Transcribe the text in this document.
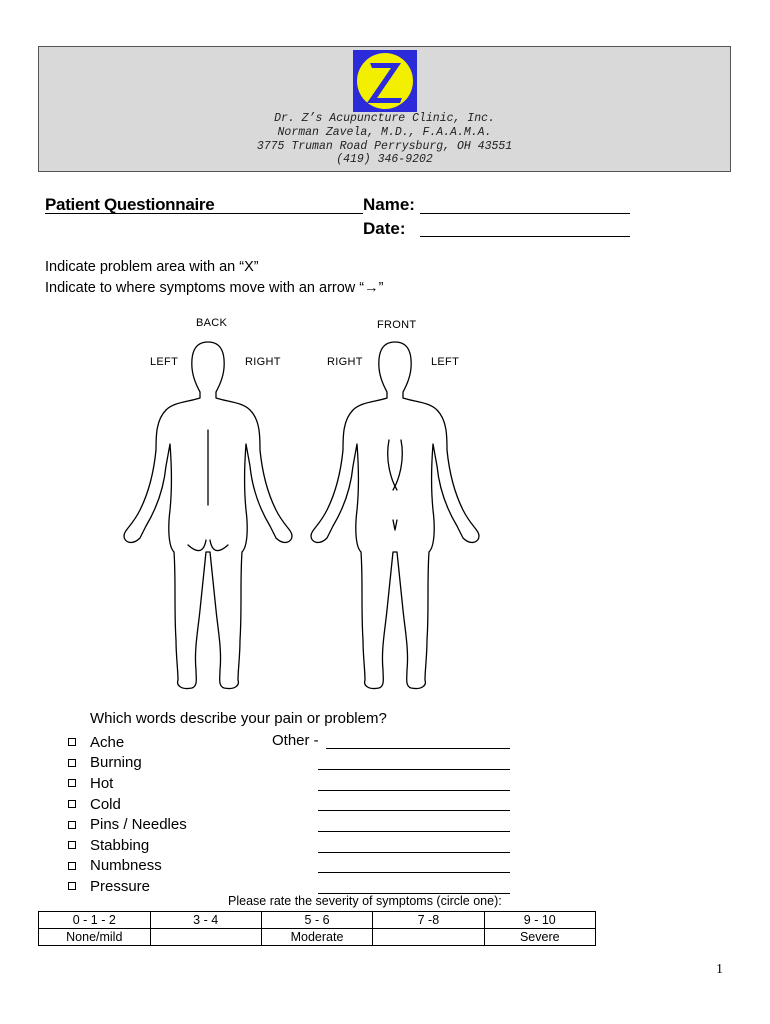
Dr. Z’s Acupuncture Clinic, Inc.
Norman Zavela, M.D., F.A.A.M.A.
3775 Truman Road Perrysburg, OH 43551
(419) 346-9202
Patient Questionnaire	Name:
Date:
Indicate problem area with an “X”
Indicate to where symptoms move with an arrow “→”
BACK
LEFT	RIGHT
FRONT
RIGHT	LEFT
Which words describe your pain or problem?
Ache
Burning
Hot
Cold
Pins / Needles
Stabbing
Numbness
Pressure
Other -
Please rate the severity of symptoms (circle one):
0 - 1 - 2	3 - 4	5 - 6	7 -8	9 - 10
None/mild		Moderate		Severe
1
